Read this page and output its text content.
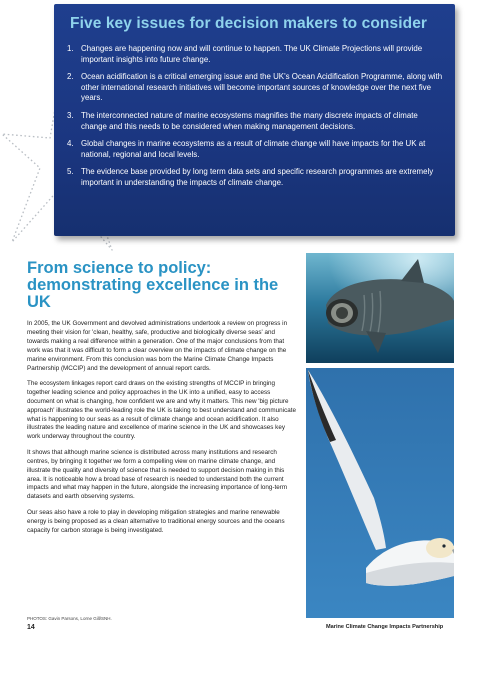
Five key issues for decision makers to consider
1. Changes are happening now and will continue to happen. The UK Climate Projections will provide important insights into future change.
2. Ocean acidification is a critical emerging issue and the UK's Ocean Acidification Programme, along with other international research initiatives will become important sources of knowledge over the next five years.
3. The interconnected nature of marine ecosystems magnifies the many discrete impacts of climate change and this needs to be considered when making management decisions.
4. Global changes in marine ecosystems as a result of climate change will have impacts for the UK at national, regional and local levels.
5. The evidence base provided by long term data sets and specific research programmes are extremely important in understanding the impacts of climate change.
From science to policy: demonstrating excellence in the UK

In 2005, the UK Government and devolved administrations undertook a review on progress in meeting their vision for 'clean, healthy, safe, productive and biologically diverse seas' and towards making a real difference within a generation. One of the major conclusions from that work was that it was difficult to form a clear overview on the impacts of climate change on the marine environment. From this conclusion was born the Marine Climate Change Impacts Partnership (MCCIP) and the development of annual report cards.

The ecosystem linkages report card draws on the existing strengths of MCCIP in bringing together leading science and policy approaches in the UK into a unified, easy to access document on what is changing, how confident we are and why it matters. This new 'big picture approach' illustrates the world-leading role the UK is taking to best understand and communicate what is happening to our seas as a result of climate change and ocean acidification. It also illustrates the leading nature and excellence of marine science in the UK and showcases key work underway throughout the country.

It shows that although marine science is distributed across many institutions and research centres, by bringing it together we form a compelling view on marine climate change, and illustrate the quality and diversity of science that is needed to support decision making in this area. It is noticeable how a broad base of research is needed to understand both the current impacts and what may happen in the future, alongside the increasing importance of long-term datasets and earth observing systems.

Our seas also have a role to play in developing mitigation strategies and marine renewable energy is being proposed as a clean alternative to traditional energy sources and the oceans capacity for carbon storage is being investigated.

PHOTOS: Gavin Parsons, Lorne Gill/SNH.
14	Marine Climate Change Impacts Partnership
